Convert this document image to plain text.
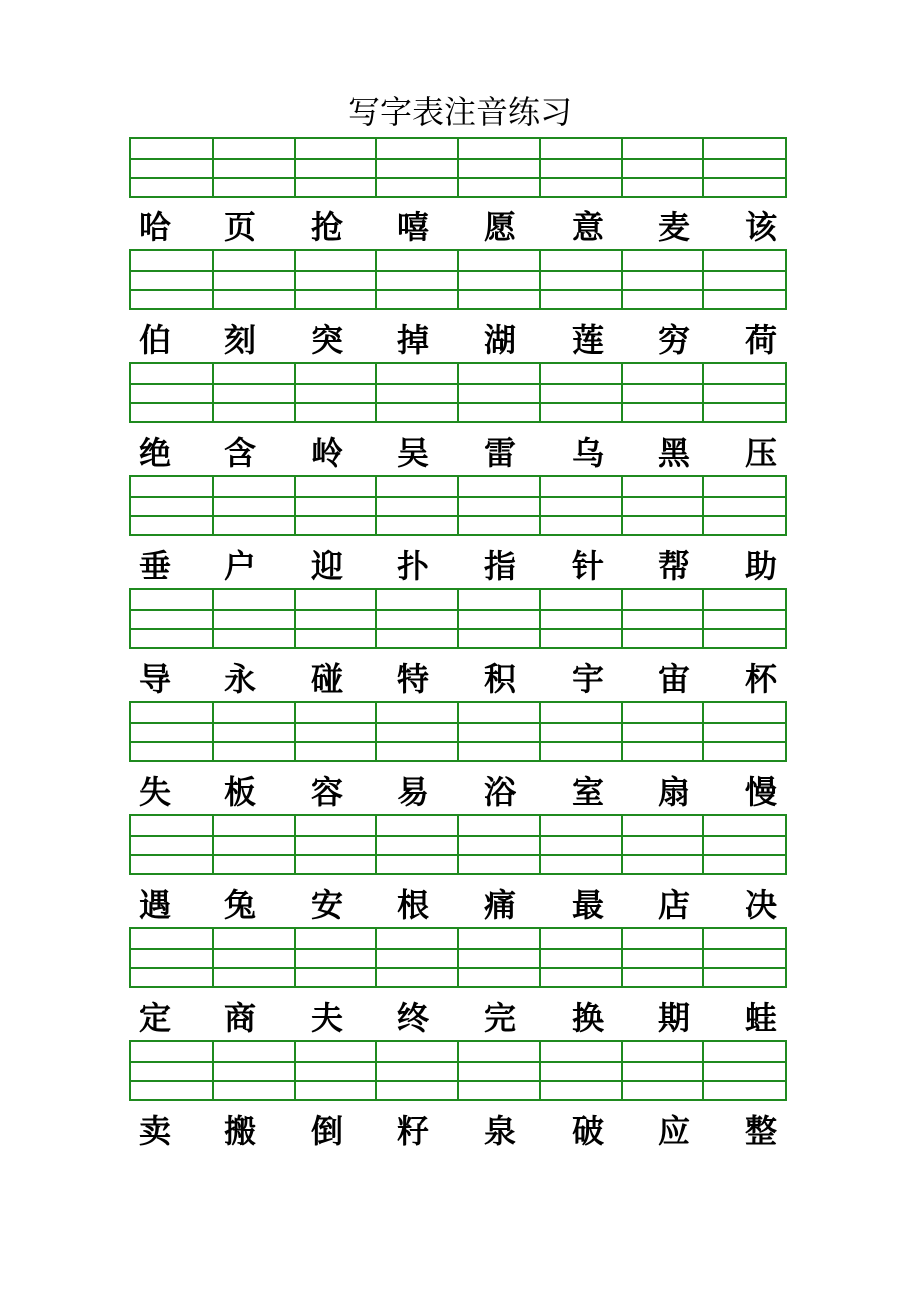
写字表注音练习
哈	页	抢	嘻	愿	意	麦	该
伯	刻	突	掉	湖	莲	穷	荷
绝	含	岭	吴	雷	乌	黑	压
垂	户	迎	扑	指	针	帮	助
导	永	碰	特	积	宇	宙	杯
失	板	容	易	浴	室	扇	慢
遇	兔	安	根	痛	最	店	决
定	商	夫	终	完	换	期	蛙
卖	搬	倒	籽	泉	破	应	整
